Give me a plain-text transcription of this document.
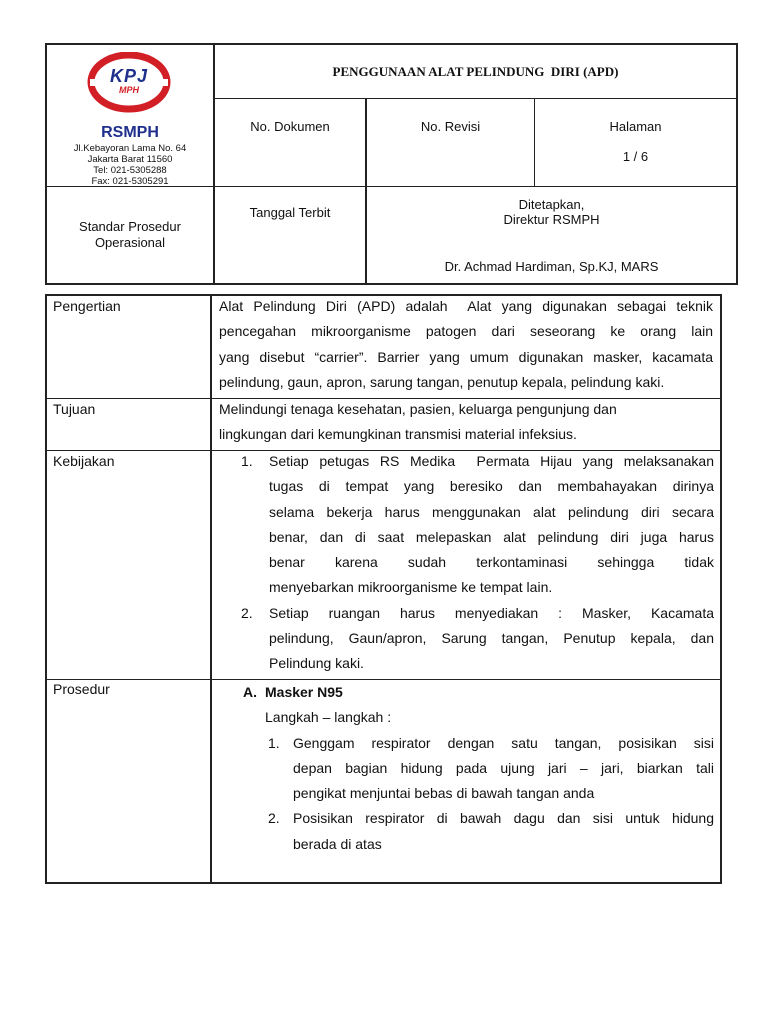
KPJ
MPH
RSMPH
Jl.Kebayoran Lama No. 64
Jakarta Barat 11560
Tel: 021-5305288
Fax: 021-5305291
PENGGUNAAN ALAT PELINDUNG  DIRI (APD)
No. Dokumen	No. Revisi	Halaman
1 / 6
Standar Prosedur
Operasional
Tanggal Terbit
Ditetapkan,
Direktur RSMPH
Dr. Achmad Hardiman, Sp.KJ, MARS
Pengertian
Tujuan
Kebijakan
Prosedur
Alat Pelindung Diri (APD) adalah  Alat yang digunakan sebagai teknik
pencegahan mikroorganisme patogen dari seseorang ke orang lain
yang disebut “carrier”. Barrier yang umum digunakan masker, kacamata
pelindung, gaun, apron, sarung tangan, penutup kepala, pelindung kaki.
Melindungi tenaga kesehatan, pasien, keluarga pengunjung dan
lingkungan dari kemungkinan transmisi material infeksius.
1. Setiap petugas RS Medika  Permata Hijau yang melaksanakan
tugas di tempat yang beresiko dan membahayakan dirinya
selama bekerja harus menggunakan alat pelindung diri secara
benar, dan di saat melepaskan alat pelindung diri juga harus
benar karena sudah terkontaminasi sehingga tidak
menyebarkan mikroorganisme ke tempat lain.
2. Setiap ruangan harus menyediakan : Masker, Kacamata
pelindung, Gaun/apron, Sarung tangan, Penutup kepala, dan
Pelindung kaki.
A. Masker N95
Langkah – langkah :
1. Genggam respirator dengan satu tangan, posisikan sisi
depan bagian hidung pada ujung jari – jari, biarkan tali
pengikat menjuntai bebas di bawah tangan anda
2. Posisikan respirator di bawah dagu dan sisi untuk hidung
berada di atas
